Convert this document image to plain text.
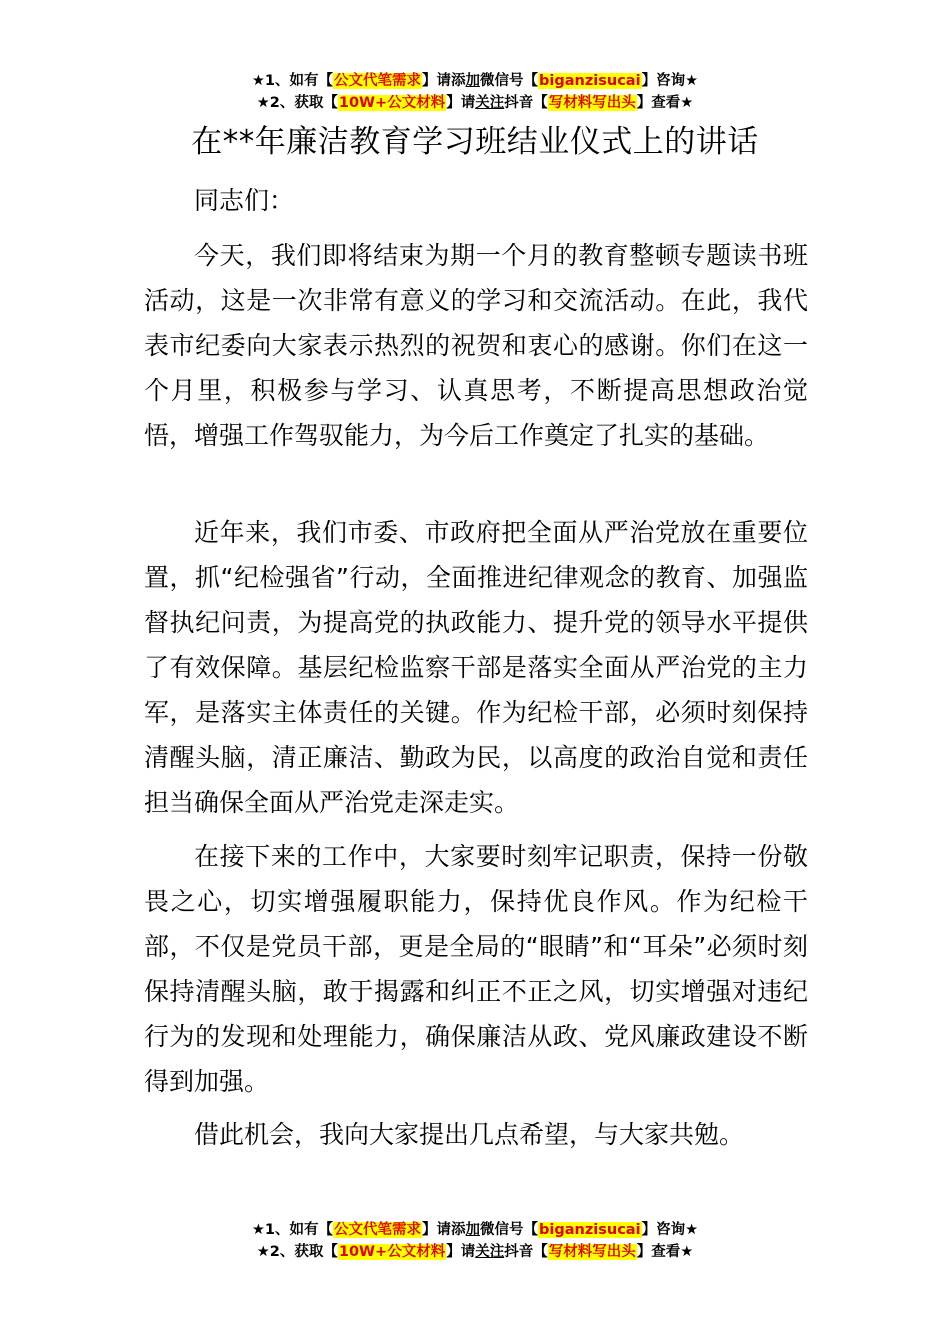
★1、如有【公文代笔需求】请添加微信号【biganzisucai】咨询★
★2、获取【10W+公文材料】请关注抖音【写材料写出头】查看★
在**年廉洁教育学习班结业仪式上的讲话

同志们：

今天，我们即将结束为期一个月的教育整顿专题读书班活动，这是一次非常有意义的学习和交流活动。在此，我代表市纪委向大家表示热烈的祝贺和衷心的感谢。你们在这一个月里，积极参与学习、认真思考，不断提高思想政治觉悟，增强工作驾驭能力，为今后工作奠定了扎实的基础。

近年来，我们市委、市政府把全面从严治党放在重要位置，抓“纪检强省”行动，全面推进纪律观念的教育、加强监督执纪问责，为提高党的执政能力、提升党的领导水平提供了有效保障。基层纪检监察干部是落实全面从严治党的主力军，是落实主体责任的关键。作为纪检干部，必须时刻保持清醒头脑，清正廉洁、勤政为民，以高度的政治自觉和责任担当确保全面从严治党走深走实。

在接下来的工作中，大家要时刻牢记职责，保持一份敬畏之心，切实增强履职能力，保持优良作风。作为纪检干部，不仅是党员干部，更是全局的“眼睛”和“耳朵”必须时刻保持清醒头脑，敢于揭露和纠正不正之风，切实增强对违纪行为的发现和处理能力，确保廉洁从政、党风廉政建设不断得到加强。

借此机会，我向大家提出几点希望，与大家共勉。

★1、如有【公文代笔需求】请添加微信号【biganzisucai】咨询★
★2、获取【10W+公文材料】请关注抖音【写材料写出头】查看★
